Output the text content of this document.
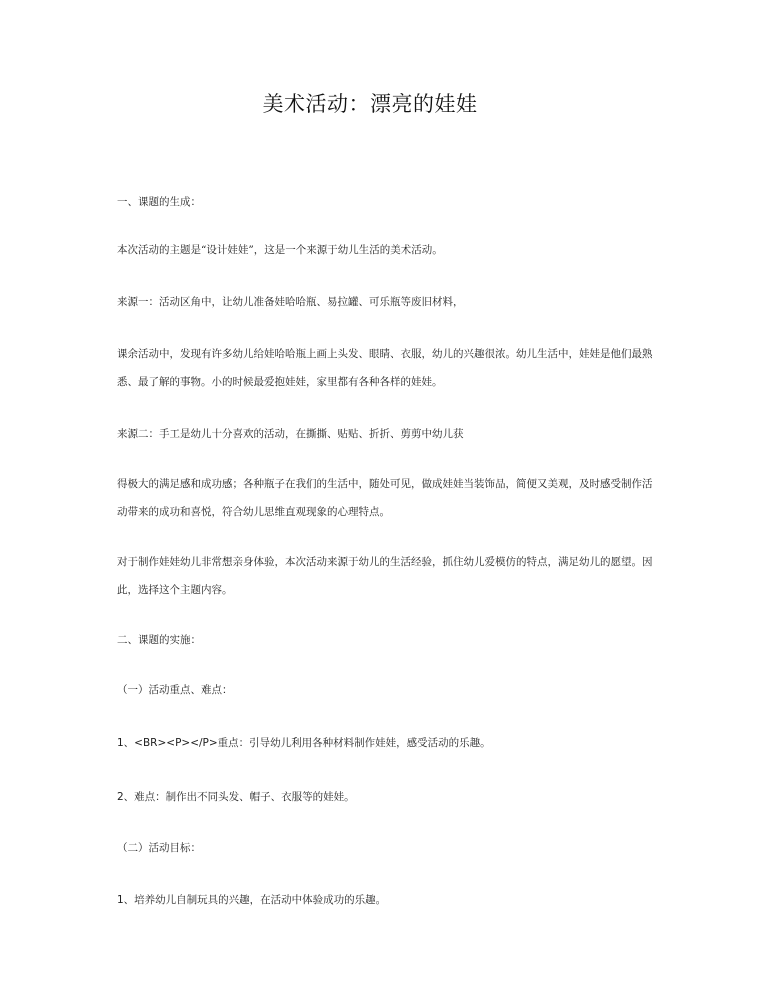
美术活动：漂亮的娃娃

一、课题的生成：

本次活动的主题是“设计娃娃”，这是一个来源于幼儿生活的美术活动。

来源一：活动区角中，让幼儿准备娃哈哈瓶、易拉罐、可乐瓶等废旧材料，

课余活动中，发现有许多幼儿给娃哈哈瓶上画上头发、眼睛、衣服，幼儿的兴趣很浓。幼儿生活中，娃娃是他们最熟悉、最了解的事物。小的时候最爱抱娃娃，家里都有各种各样的娃娃。

来源二：手工是幼儿十分喜欢的活动，在撕撕、贴贴、折折、剪剪中幼儿获

得极大的满足感和成功感；各种瓶子在我们的生活中，随处可见，做成娃娃当装饰品，简便又美观，及时感受制作活动带来的成功和喜悦，符合幼儿思维直观现象的心理特点。

对于制作娃娃幼儿非常想亲身体验，本次活动来源于幼儿的生活经验，抓住幼儿爱模仿的特点，满足幼儿的愿望。因此，选择这个主题内容。

二、课题的实施：

（一）活动重点、难点：

1、<BR><P></P>重点：引导幼儿利用各种材料制作娃娃，感受活动的乐趣。

2、难点：制作出不同头发、帽子、衣服等的娃娃。

（二）活动目标：

1、培养幼儿自制玩具的兴趣，在活动中体验成功的乐趣。
